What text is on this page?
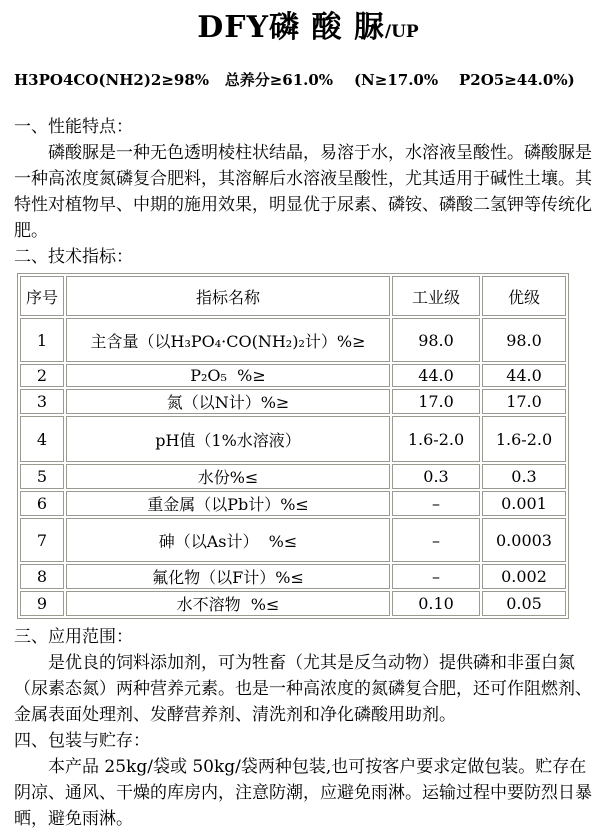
DFY磷 酸 脲/UP
H3PO4CO(NH2)2≥98%   总养分≥61.0%    (N≥17.0%    P2O5≥44.0%)
一、性能特点：

磷酸脲是一种无色透明棱柱状结晶，易溶于水，水溶液呈酸性。磷酸脲是一种高浓度氮磷复合肥料，其溶解后水溶液呈酸性，尤其适用于碱性土壤。其特性对植物早、中期的施用效果，明显优于尿素、磷铵、磷酸二氢钾等传统化肥。

二、技术指标：
序号	指标名称	工业级	优级
1	主含量（以H₃PO₄·CO(NH₂)₂计）%≥	98.0	98.0
2	P₂O₅  %≥	44.0	44.0
3	氮（以N计）%≥	17.0	17.0
4	pH值（1%水溶液）	1.6-2.0	1.6-2.0
5	水份%≤	0.3	0.3
6	重金属（以Pb计）%≤	–	0.001
7	砷（以As计）  %≤	–	0.0003
8	氟化物（以F计）%≤	–	0.002
9	水不溶物  %≤	0.10	0.05
三、应用范围：

是优良的饲料添加剂，可为牲畜（尤其是反刍动物）提供磷和非蛋白氮（尿素态氮）两种营养元素。也是一种高浓度的氮磷复合肥，还可作阻燃剂、金属表面处理剂、发酵营养剂、清洗剂和净化磷酸用助剂。

四、包装与贮存：

本产品 25kg/袋或 50kg/袋两种包装,也可按客户要求定做包装。贮存在阴凉、通风、干燥的库房内，注意防潮，应避免雨淋。运输过程中要防烈日暴晒，避免雨淋。
